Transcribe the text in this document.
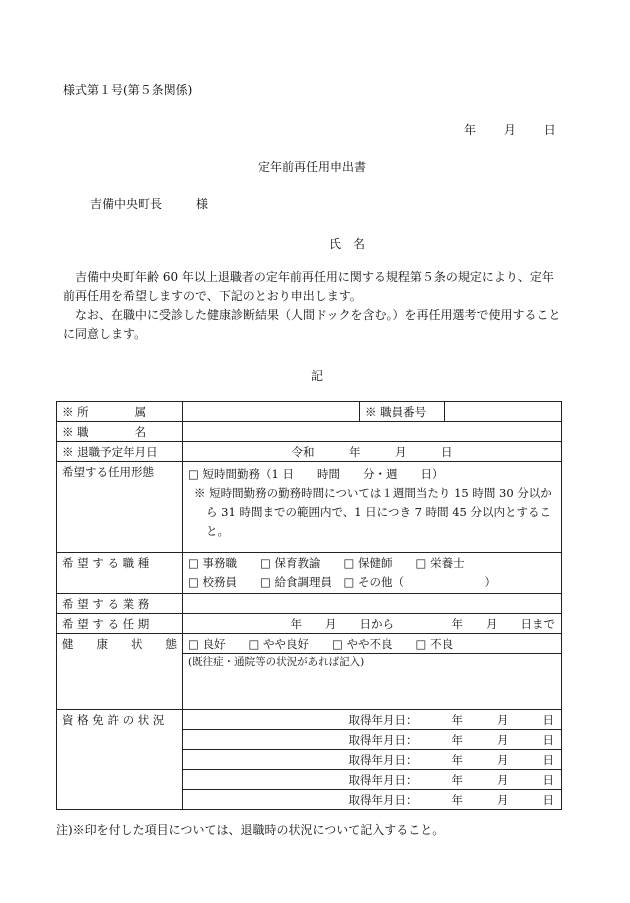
様式第１号(第５条関係)
年 月 日
定年前再任用申出書
吉備中央町長	様
氏　名

吉備中央町年齢 60 年以上退職者の定年前再任用に関する規程第５条の規定により、定年前再任用を希望しますので、下記のとおり申出します。

なお、在職中に受診した健康診断結果（人間ドックを含む。）を再任用選考で使用することに同意します。

記
※ 所　　　　属		※ 職員番号	
※ 職　　　　名			
※ 退職予定年月日	令和　　　年　　　月　　　日		
希望する任用形態	□ 短時間勤務（1 日　　時間　　分・週　　日）
※ 短時間勤務の勤務時間については１週間当たり 15 時間 30 分以から 31 時間までの範囲内で、1 日につき 7 時間 45 分以内とすること。		

希 望 す る 職 種	□ 事務職　　□ 保育教諭　　□ 保健師　　□ 栄養士
□ 校務員　　□ 給食調理員　□ その他（　　　　　　　）		

希 望 す る 業 務			
希 望 す る 任 期	年　　月　　日から　　　　　年　　月　　日まで		
健　　康　　状　　態	□ 良好　　□ やや良好　　□ やや不良　　□ 不良		
	(既往症・通院等の状況があれば記入)		
資 格 免 許 の 状 況	取得年月日： 年 月 日		

	取得年月日： 年 月 日		

	取得年月日： 年 月 日		

	取得年月日： 年 月 日		

	取得年月日： 年 月 日		
注)※印を付した項目については、退職時の状況について記入すること。
